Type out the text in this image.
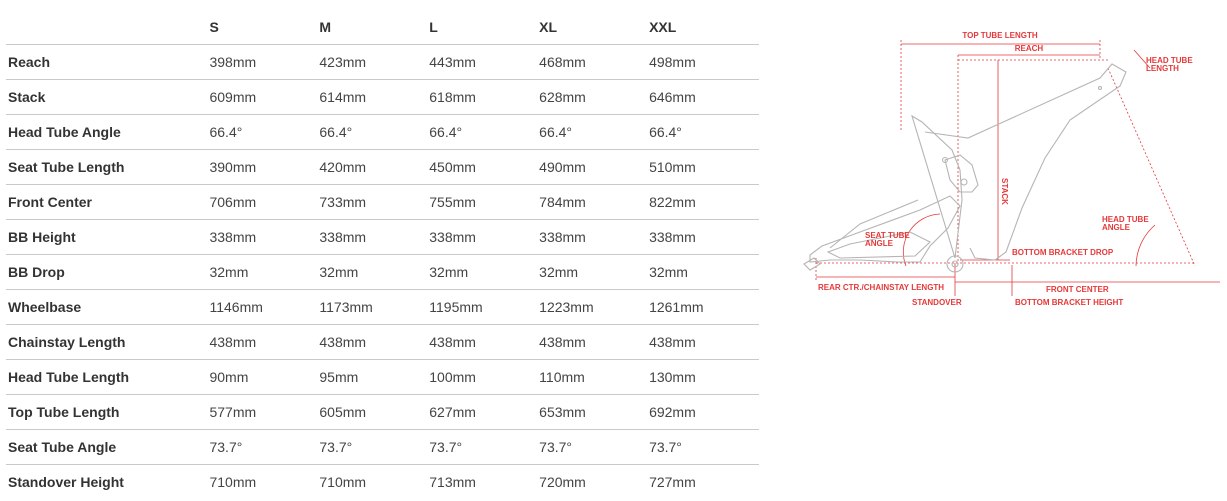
	S	M	L	XL	XXL
Reach	398mm	423mm	443mm	468mm	498mm
Stack	609mm	614mm	618mm	628mm	646mm
Head Tube Angle	66.4°	66.4°	66.4°	66.4°	66.4°
Seat Tube Length	390mm	420mm	450mm	490mm	510mm
Front Center	706mm	733mm	755mm	784mm	822mm
BB Height	338mm	338mm	338mm	338mm	338mm
BB Drop	32mm	32mm	32mm	32mm	32mm
Wheelbase	1146mm	1173mm	1195mm	1223mm	1261mm
Chainstay Length	438mm	438mm	438mm	438mm	438mm
Head Tube Length	90mm	95mm	100mm	110mm	130mm
Top Tube Length	577mm	605mm	627mm	653mm	692mm
Seat Tube Angle	73.7°	73.7°	73.7°	73.7°	73.7°
Standover Height	710mm	710mm	713mm	720mm	727mm
TOP TUBE LENGTH
REACH
HEAD TUBE
LENGTH
STACK
SEAT TUBE
ANGLE
HEAD TUBE
ANGLE
BOTTOM BRACKET DROP
REAR CTR./CHAINSTAY LENGTH	FRONT CENTER
STANDOVER	BOTTOM BRACKET HEIGHT
